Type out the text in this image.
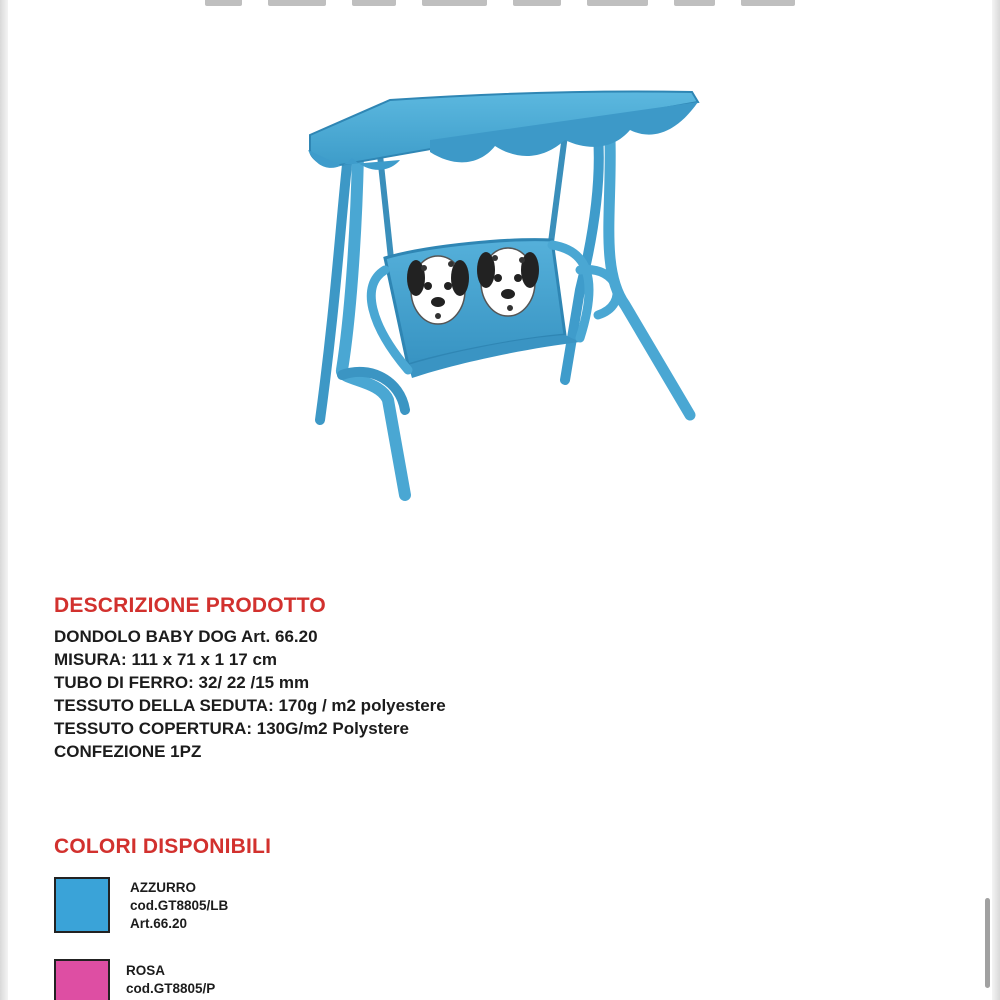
DESCRIZIONE PRODOTTO
DONDOLO BABY DOG Art. 66.20
MISURA: 111 x 71 x 1 17 cm
TUBO DI FERRO: 32/ 22 /15 mm
TESSUTO DELLA SEDUTA: 170g / m2 polyestere
TESSUTO COPERTURA: 130G/m2 Polystere
CONFEZIONE 1PZ
COLORI DISPONIBILI
AZZURRO
cod.GT8805/LB
Art.66.20
ROSA
cod.GT8805/P
